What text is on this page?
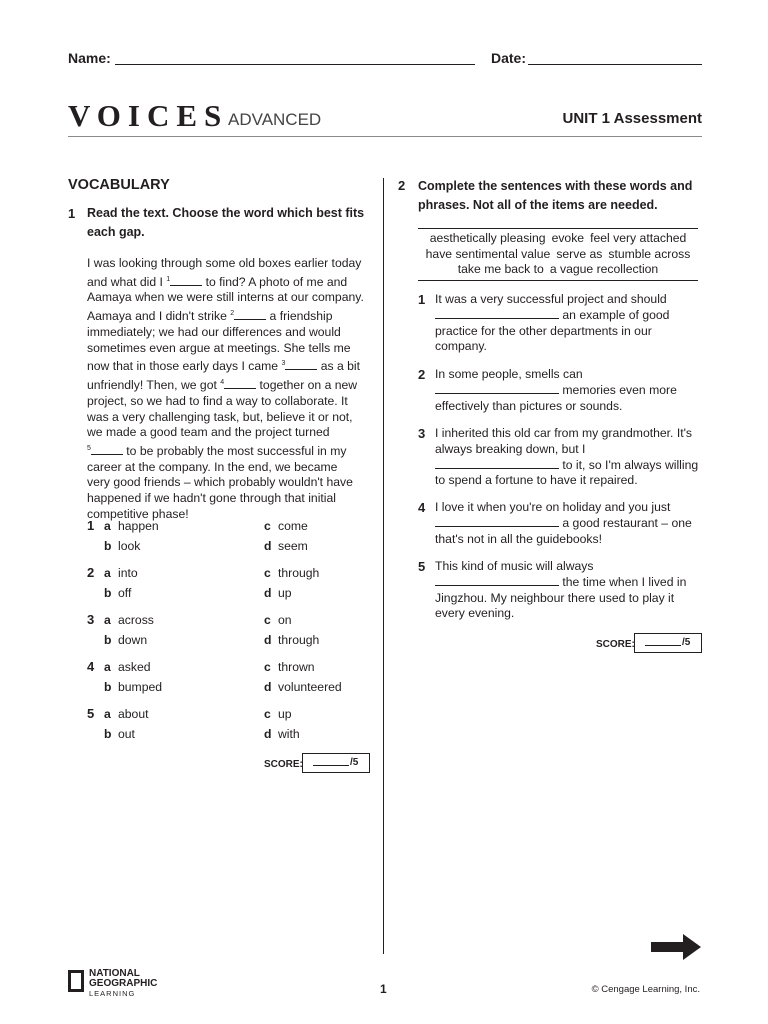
Name:	Date:
VOICES ADVANCED	UNIT 1 Assessment
VOCABULARY
1 Read the text. Choose the word which best fits each gap.
I was looking through some old boxes earlier today
and what did I $^1$	to find? A photo of me and
Aamaya when we were still interns at our company.
Aamaya and I didn't strike $^2$	a friendship
immediately; we had our differences and would
sometimes even argue at meetings. She tells me
now that in those early days I came $^3$	as a bit
unfriendly! Then, we got $^4$	together on a new
project, so we had to find a way to collaborate. It
was a very challenging task, but, believe it or not,
we made a good team and the project turned
$^5$	to be probably the most successful in my
career at the company. In the end, we became
very good friends – which probably wouldn't have
happened if we hadn't gone through that initial
competitive phase!
1 a happen
b look
c come
d seem
2 a into
b off
c through
d up
3 a across
b down
c on
d through
4 a asked
b bumped
c thrown
d volunteered
5 a about
b out
c up
d with
SCORE:	/5
2 Complete the sentences with these words and phrases. Not all of the items are needed.
aesthetically pleasing evoke feel very attached
have sentimental value serve as stumble across
take me back to a vague recollection
1 It was a very successful project and should
an example of good practice for the other departments in our company.
2 In some people, smells can
memories even more effectively than pictures or sounds.
3 I inherited this old car from my grandmother. It's always breaking down, but I
to it, so I'm always willing to spend a fortune to have it repaired.
4 I love it when you're on holiday and you just
a good restaurant – one that's not in all the guidebooks!
5 This kind of music will always
the time when I lived in Jingzhou. My neighbour there used to play it every evening.
SCORE:	/5
NATIONAL
GEOGRAPHIC
LEARNING	1	© Cengage Learning, Inc.
